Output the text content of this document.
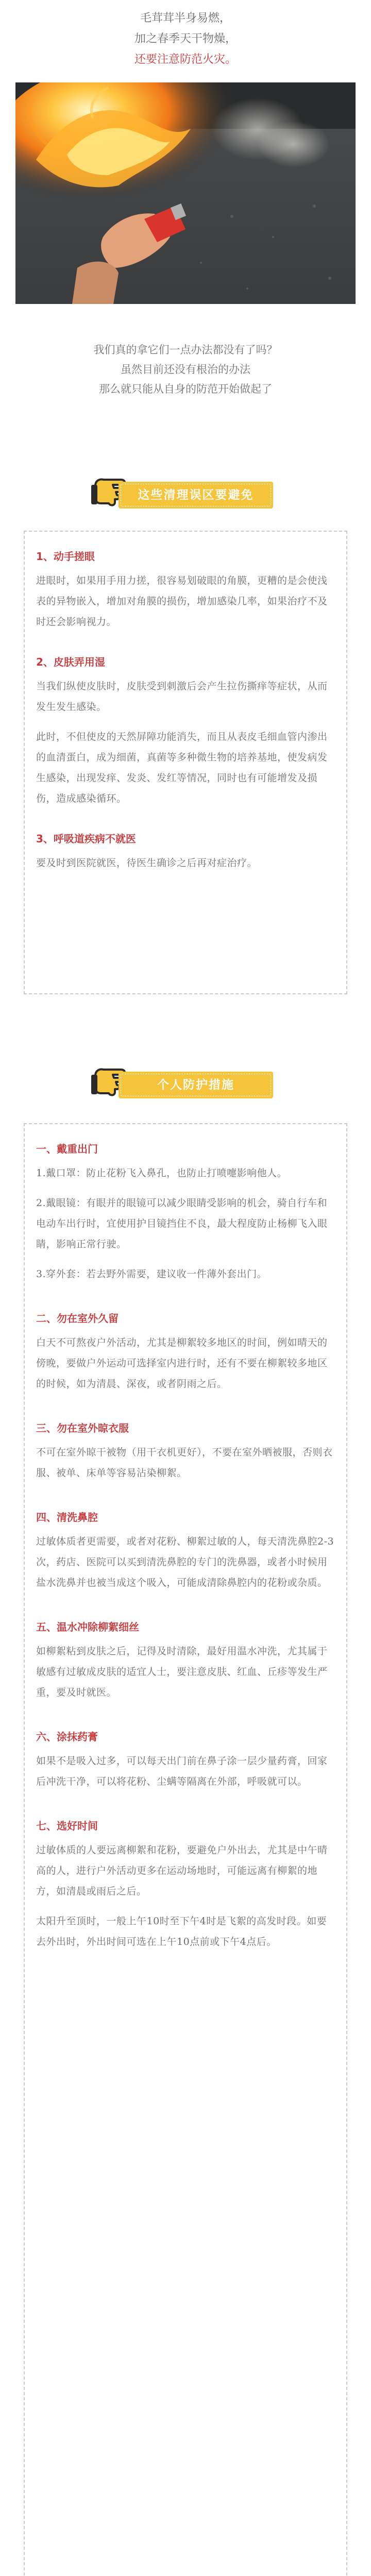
毛茸茸半身易燃，
加之春季天干物燥，
还要注意防范火灾。
我们真的拿它们一点办法都没有了吗？
虽然目前还没有根治的办法
那么就只能从自身的防范开始做起了
这些清理误区要避免
1、动手搓眼

进眼时，如果用手用力搓，很容易划破眼的角膜，更糟的是会使浅表的异物嵌入，增加对角膜的损伤，增加感染几率，如果治疗不及时还会影响视力。

2、皮肤弄用湿

当我们纵使皮肤时，皮肤受到刺激后会产生拉伤撕痒等症状，从而发生发生感染。

此时，不但使皮的天然屏障功能消失，而且从表皮毛细血管内渗出的血清蛋白，成为细菌，真菌等多种微生物的培养基地，使发病发生感染，出现发痒、发炎、发红等情况，同时也有可能增发及损伤，造成感染循环。

3、呼吸道疾病不就医

要及时到医院就医，待医生确诊之后再对症治疗。

个人防护措施
一、戴重出门

1.戴口罩：防止花粉飞入鼻孔，也防止打喷嚏影响他人。

2.戴眼镜：有眼并的眼镜可以减少眼睛受影响的机会，骑自行车和电动车出行时，宜使用护目镜挡住不良，最大程度防止杨柳飞入眼睛，影响正常行驶。

3.穿外套：若去野外需要，建议收一件薄外套出门。

二、勿在室外久留

白天不可熬夜户外活动，尤其是柳絮较多地区的时间，例如晴天的傍晚，要做户外运动可选择室内进行时，还有不要在柳絮较多地区的时候，如为清晨、深夜，或者阴雨之后。

三、勿在室外晾衣服

不可在室外晾干被物（用干衣机更好），不要在室外晒被服，否则衣服、被单、床单等容易沾染柳絮。

四、清洗鼻腔

过敏体质者更需要，或者对花粉、柳絮过敏的人，每天清洗鼻腔2-3次，药店、医院可以买到清洗鼻腔的专门的洗鼻器，或者小时候用盐水洗鼻并也被当成这个吸入，可能成清除鼻腔内的花粉或杂质。

五、温水冲除柳絮细丝

如柳絮粘到皮肤之后，记得及时清除，最好用温水冲洗，尤其属于敏感有过敏成皮肤的适宜人士，要注意皮肤、红血、丘疹等发生严重，要及时就医。

六、涂抹药膏

如果不是吸入过多，可以每天出门前在鼻子涂一层少量药膏，回家后冲洗干净，可以将花粉、尘螨等隔离在外部，呼吸就可以。

七、选好时间

过敏体质的人要远离柳絮和花粉，要避免户外出去，尤其是中午晴高的人，进行户外活动更多在运动场地时，可能远离有柳絮的地方，如清晨或雨后之后。

太阳升至顶时，一般上午10时至下午4时是飞絮的高发时段。如要去外出时，外出时间可选在上午10点前或下午4点后。
